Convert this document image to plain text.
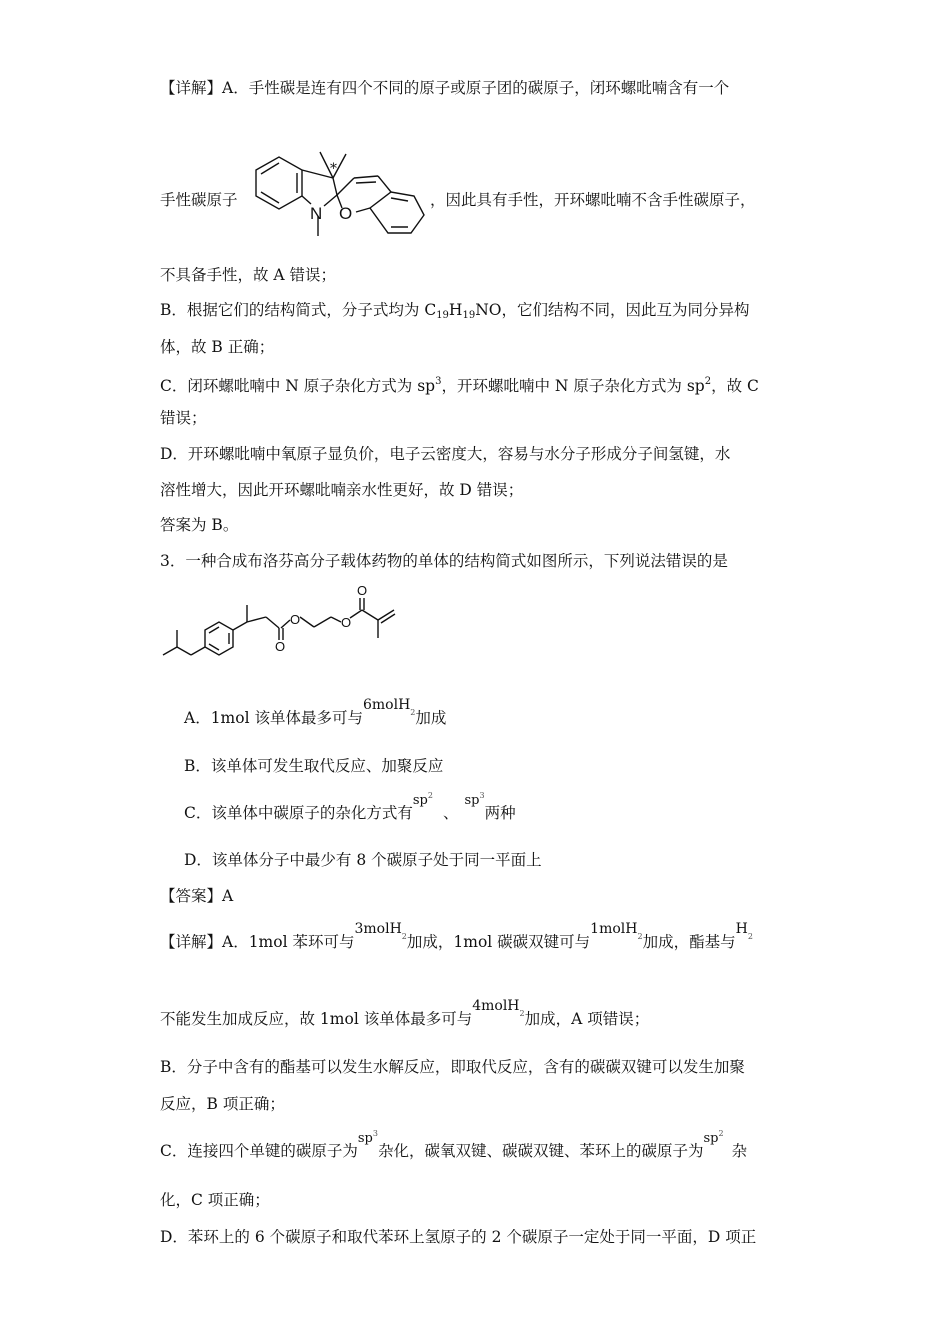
【详解】A．手性碳是连有四个不同的原子或原子团的碳原子，闭环螺吡喃含有一个
*
N O
手性碳原子	，因此具有手性，开环螺吡喃不含手性碳原子，
不具备手性，故 A 错误；
B．根据它们的结构简式，分子式均为 $C_{19}H_{19}NO$，它们结构不同，因此互为同分异构
体，故 B 正确；
C．闭环螺吡喃中 N 原子杂化方式为 $sp^3$，开环螺吡喃中 N 原子杂化方式为 $sp^2$，故 C
错误；
D．开环螺吡喃中氧原子显负价，电子云密度大，容易与水分子形成分子间氢键，水
溶性增大，因此开环螺吡喃亲水性更好，故 D 错误；
答案为 B。
3．一种合成布洛芬高分子载体药物的单体的结构简式如图所示，下列说法错误的是
O
O	O
O
A．1mol 该单体最多可与6molH$_2$加成
B．该单体可发生取代反应、加聚反应
C．该单体中碳原子的杂化方式有$sp^2$、$sp^3$两种
D．该单体分子中最少有 8 个碳原子处于同一平面上
【答案】A
【详解】A．1mol 苯环可与3molH$_2$加成，1mol 碳碳双键可与1molH$_2$加成，酯基与$H_2$
不能发生加成反应，故 1mol 该单体最多可与4molH$_2$加成，A 项错误；
B．分子中含有的酯基可以发生水解反应，即取代反应，含有的碳碳双键可以发生加聚
反应，B 项正确；
C．连接四个单键的碳原子为$sp^3$杂化，碳氧双键、碳碳双键、苯环上的碳原子为$sp^2$杂
化，C 项正确；
D．苯环上的 6 个碳原子和取代苯环上氢原子的 2 个碳原子一定处于同一平面，D 项正
